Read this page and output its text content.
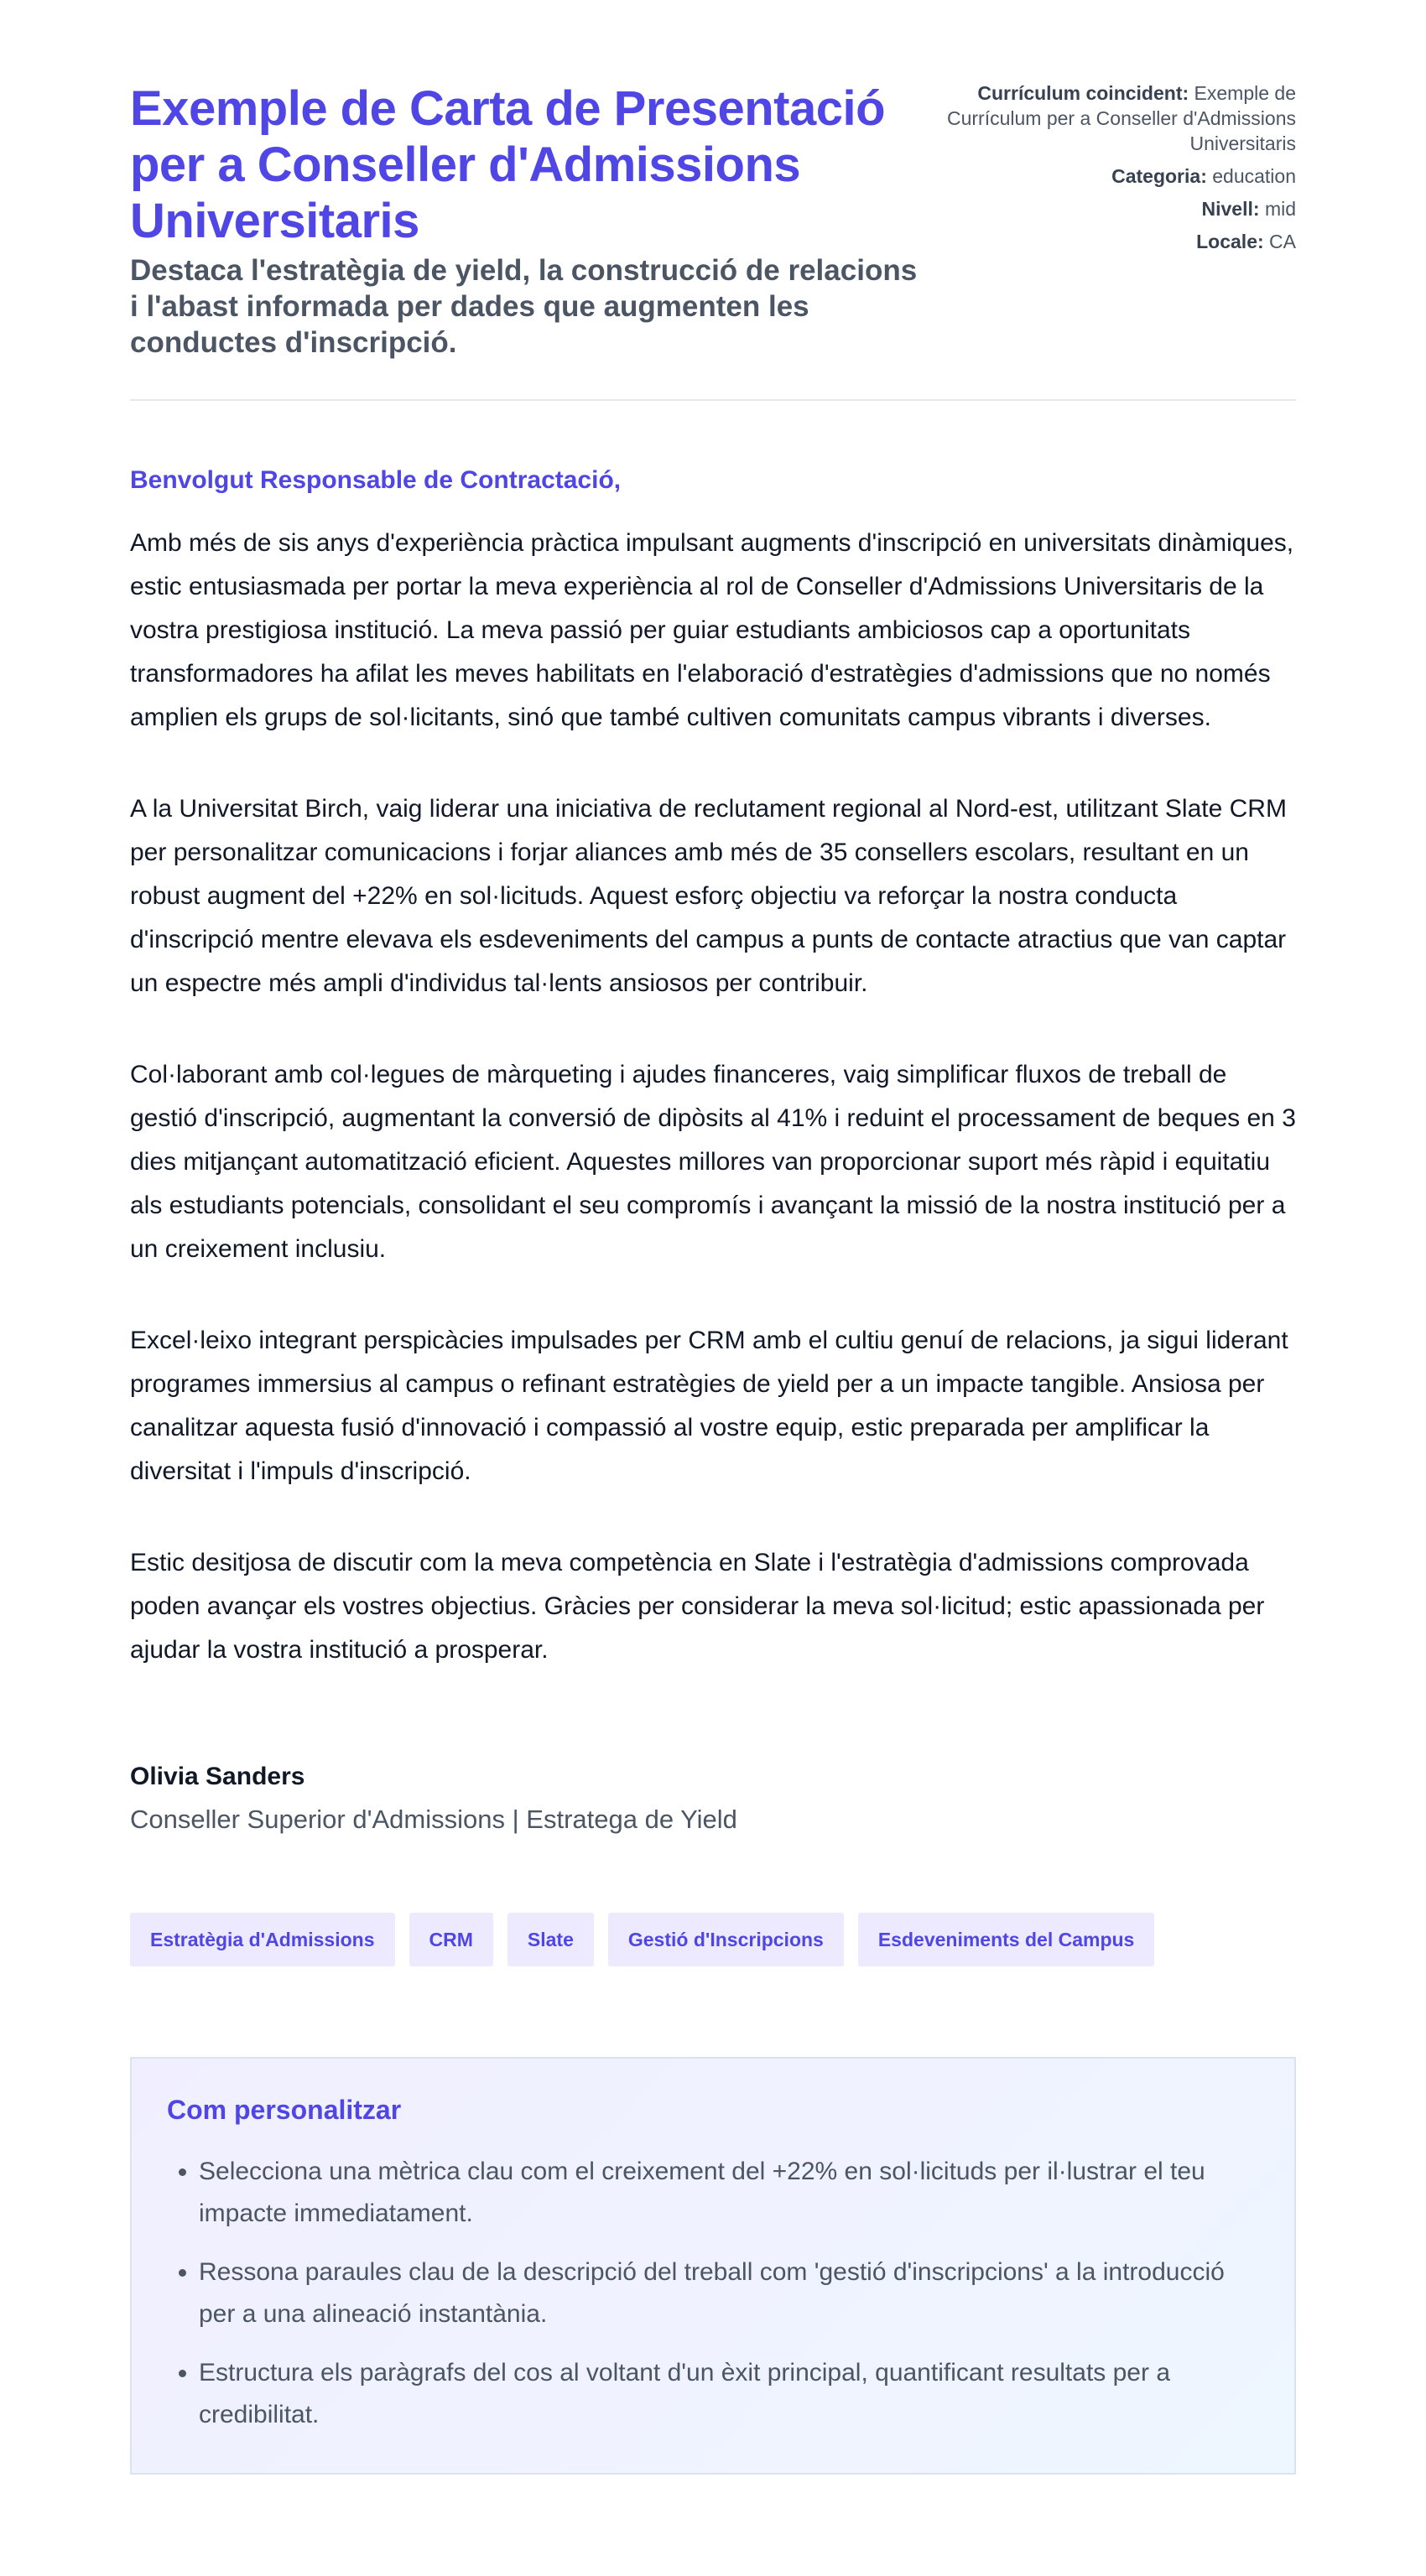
Exemple de Carta de Presentació per a Conseller d'Admissions Universitaris
Destaca l'estratègia de yield, la construcció de relacions i l'abast informada per dades que augmenten les conductes d'inscripció.
Currículum coincident: Exemple de Currículum per a Conseller d'Admissions Universitaris
Categoria: education
Nivell: mid
Locale: CA
Benvolgut Responsable de Contractació,

Amb més de sis anys d'experiència pràctica impulsant augments d'inscripció en universitats dinàmiques, estic entusiasmada per portar la meva experiència al rol de Conseller d'Admissions Universitaris de la vostra prestigiosa institució. La meva passió per guiar estudiants ambiciosos cap a oportunitats transformadores ha afilat les meves habilitats en l'elaboració d'estratègies d'admissions que no només amplien els grups de sol·licitants, sinó que també cultiven comunitats campus vibrants i diverses.

A la Universitat Birch, vaig liderar una iniciativa de reclutament regional al Nord-est, utilitzant Slate CRM per personalitzar comunicacions i forjar aliances amb més de 35 consellers escolars, resultant en un robust augment del +22% en sol·licituds. Aquest esforç objectiu va reforçar la nostra conducta d'inscripció mentre elevava els esdeveniments del campus a punts de contacte atractius que van captar un espectre més ampli d'individus tal·lents ansiosos per contribuir.

Col·laborant amb col·legues de màrqueting i ajudes financeres, vaig simplificar fluxos de treball de gestió d'inscripció, augmentant la conversió de dipòsits al 41% i reduint el processament de beques en 3 dies mitjançant automatització eficient. Aquestes millores van proporcionar suport més ràpid i equitatiu als estudiants potencials, consolidant el seu compromís i avançant la missió de la nostra institució per a un creixement inclusiu.

Excel·leixo integrant perspicàcies impulsades per CRM amb el cultiu genuí de relacions, ja sigui liderant programes immersius al campus o refinant estratègies de yield per a un impacte tangible. Ansiosa per canalitzar aquesta fusió d'innovació i compassió al vostre equip, estic preparada per amplificar la diversitat i l'impuls d'inscripció.

Estic desitjosa de discutir com la meva competència en Slate i l'estratègia d'admissions comprovada poden avançar els vostres objectius. Gràcies per considerar la meva sol·licitud; estic apassionada per ajudar la vostra institució a prosperar.

Olivia Sanders
Conseller Superior d'Admissions | Estratega de Yield
Estratègia d'Admissions	CRM	Slate	Gestió d'Inscripcions	Esdeveniments del Campus
Com personalitzar
• Selecciona una mètrica clau com el creixement del +22% en sol·licituds per il·lustrar el teu impacte immediatament.
• Ressona paraules clau de la descripció del treball com 'gestió d'inscripcions' a la introducció per a una alineació instantània.
• Estructura els paràgrafs del cos al voltant d'un èxit principal, quantificant resultats per a credibilitat.
